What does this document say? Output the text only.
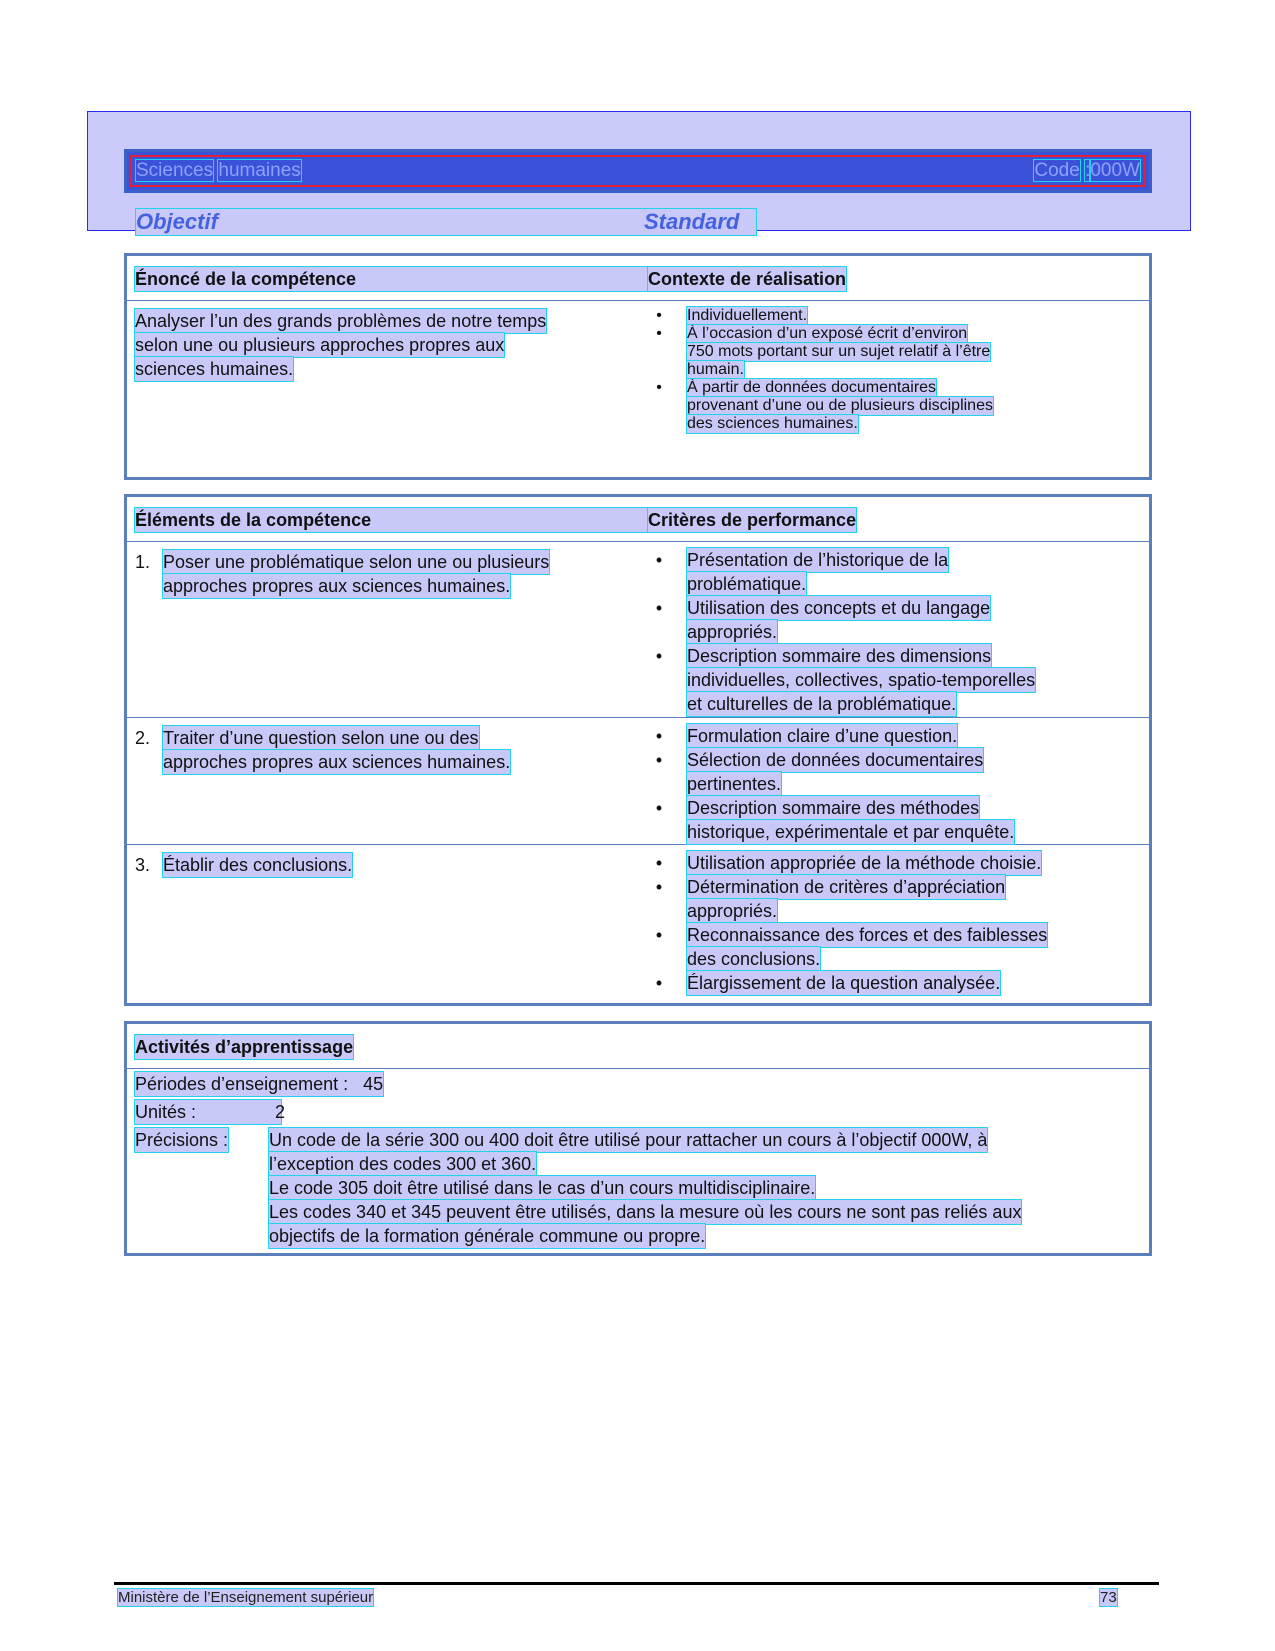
Sciences humaines	Code :000W
Objectif	Standard
Énoncé de la compétence	Contexte de réalisation
Analyser l’un des grands problèmes de notre temps
selon une ou plusieurs approches propres aux
sciences humaines.
• Individuellement.
• À l’occasion d’un exposé écrit d’environ
750 mots portant sur un sujet relatif à l’être
humain.
• À partir de données documentaires
provenant d’une ou de plusieurs disciplines
des sciences humaines.
Éléments de la compétence	Critères de performance
1. Poser une problématique selon une ou plusieurs
approches propres aux sciences humaines.
• Présentation de l’historique de la
problématique.
• Utilisation des concepts et du langage
appropriés.
• Description sommaire des dimensions
individuelles, collectives, spatio-temporelles
et culturelles de la problématique.
2. Traiter d’une question selon une ou des
approches propres aux sciences humaines.
• Formulation claire d’une question.
• Sélection de données documentaires
pertinentes.
• Description sommaire des méthodes
historique, expérimentale et par enquête.
3. Établir des conclusions.	• Utilisation appropriée de la méthode choisie.
• Détermination de critères d’appréciation
appropriés.
• Reconnaissance des forces et des faiblesses
des conclusions.
• Élargissement de la question analysée.
Activités d’apprentissage
Périodes d’enseignement : 45
Unités :	2
Précisions : Un code de la série 300 ou 400 doit être utilisé pour rattacher un cours à l’objectif 000W, à
l’exception des codes 300 et 360.
Le code 305 doit être utilisé dans le cas d’un cours multidisciplinaire.
Les codes 340 et 345 peuvent être utilisés, dans la mesure où les cours ne sont pas reliés aux
objectifs de la formation générale commune ou propre.
Ministère de l’Enseignement supérieur	73
